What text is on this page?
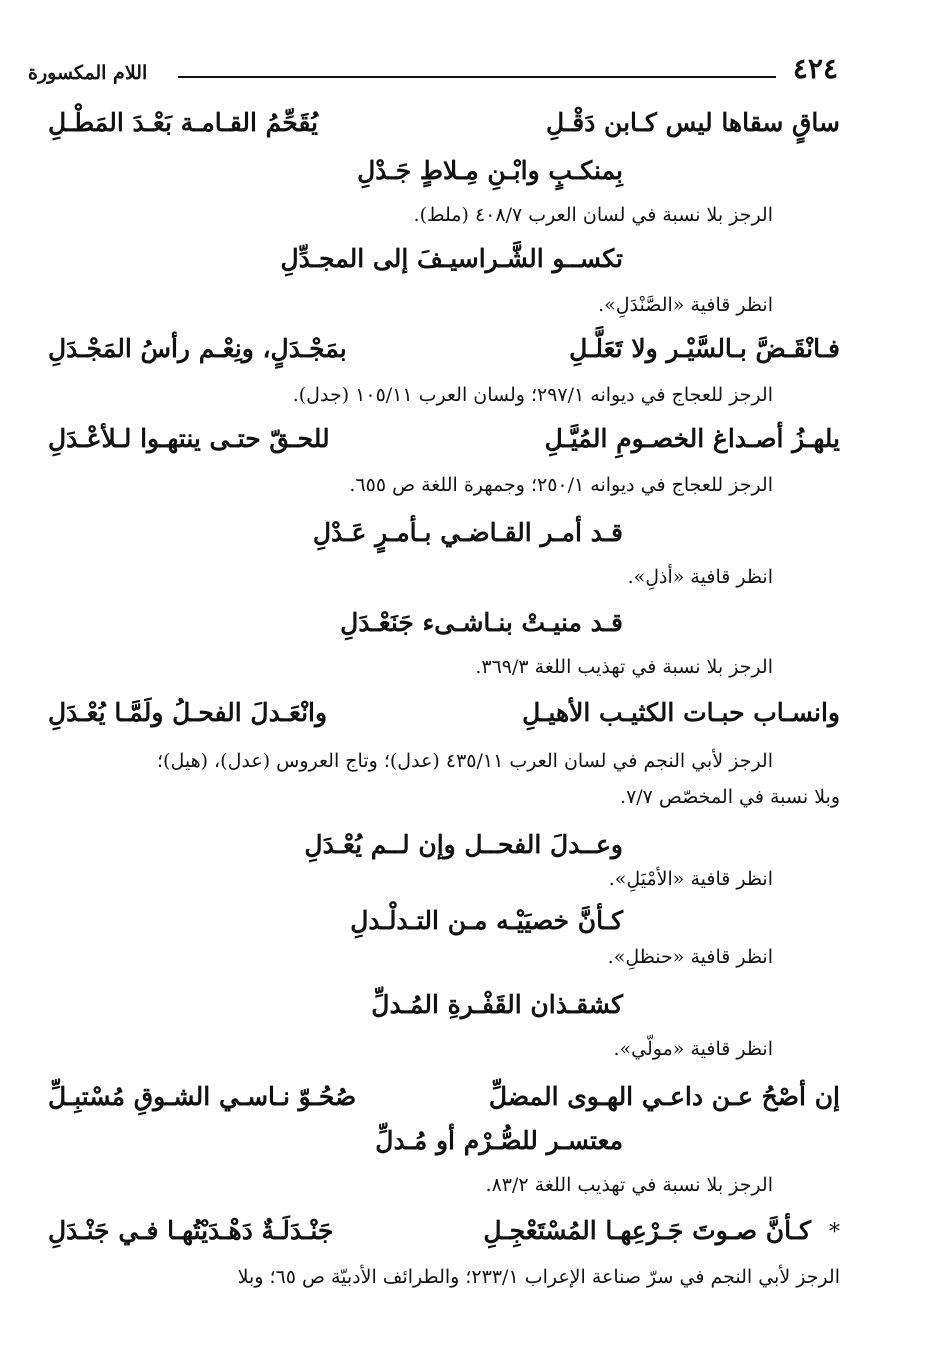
٤٢٤
اللام المكسورة
ساقٍ سقاها ليس كـابن دَقْـلِ
يُقَحِّمُ القـامـة بَعْـدَ المَطْـلِ
بِمنكـبٍ وابْـنِ مِـلاطٍ جَـدْلِ
الرجز بلا نسبة في لسان العرب ٤٠٨/٧ (ملط).
تكســو الشَّـراسيـفَ إلى المجـدِّلِ
انظر قافية «الصَّنْدَلِ».
فـانْقَـضَّ بـالسَّيْـر ولا تَعَلَّـلِ
بمَجْـدَلٍ، ونِعْـم رأسُ المَجْـدَلِ
الرجز للعجاج في ديوانه ٢٩٧/١؛ ولسان العرب ١٠٥/١١ (جدل).
يلهـزُ أصـداغ الخصـومِ المُيَّـلِ
للحـقّ حتـى ينتهـوا لـلأعْـدَلِ
الرجز للعجاج في ديوانه ٢٥٠/١؛ وجمهرة اللغة ص ٦٥٥.
قـد أمـر القـاضـي بـأمـرٍ عَـدْلِ
انظر قافية «أذلِ».
قـد منيـتْ بنـاشـىء جَنَعْـدَلِ
الرجز بلا نسبة في تهذيب اللغة ٣٦٩/٣.
وانسـاب حبـات الكثيـب الأهيـلِ
وانْعَـدلَ الفحـلُ ولَمَّـا يُعْـدَلِ
الرجز لأبي النجم في لسان العرب ٤٣٥/١١ (عدل)؛ وتاج العروس (عدل)، (هيل)؛
وبلا نسبة في المخصّص ٧/٧.
وعــدلَ الفحــل وإن لــم يُعْـدَلِ
انظر قافية «الأمْيَلِ».
كـأنَّ خصيَيْـه مـن التـدلْـدلِ
انظر قافية «حنظلِ».
كشقـذان القَفْـرةِ المُـدلِّ
انظر قافية «مولّي».
إن أصْحُ عـن داعـي الهـوى المضلِّ
صُحُـوّ نـاسـي الشـوقِ مُسْتبِـلِّ
معتسـر للصُّـرْم أو مُـدلِّ
الرجز بلا نسبة في تهذيب اللغة ٨٣/٢.
*
كـأنَّ صـوتَ جَـرْعِهـا المُسْتَعْجِـلِ
جَنْـدَلَـةٌ دَهْـدَيْتُهـا فـي جَنْـدَلِ
الرجز لأبي النجم في سرّ صناعة الإعراب ٢٣٣/١؛ والطرائف الأدبيّة ص ٦٥؛ وبلا
